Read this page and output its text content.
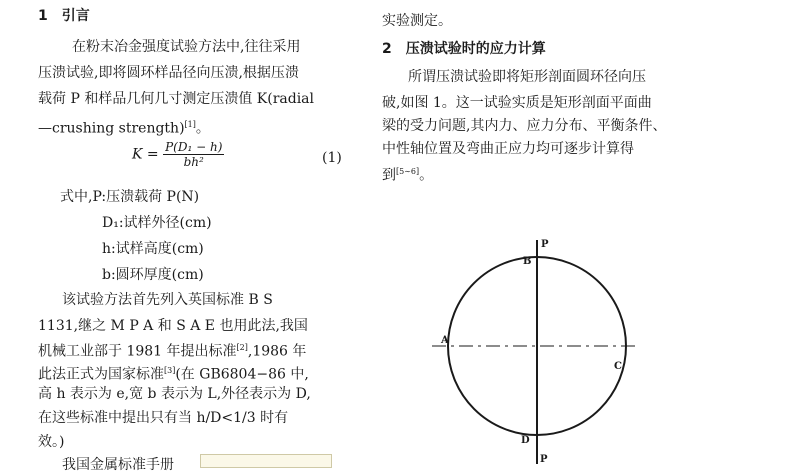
1　引言
在粉末冶金强度试验方法中,往往采用
压溃试验,即将圆环样品径向压溃,根据压溃
载荷 P 和样品几何几寸测定压溃值 K(radial
—crushing strength)[1]。
$K = \frac{\text{P(D₁ − h)}}{\text{bh²}}$	(1)
式中,P:压溃载荷 P(N)
D₁:试样外径(cm)
h:试样高度(cm)
b:圆环厚度(cm)
该试验方法首先列入英国标准 B S
1131,继之 M P A 和 S A E 也用此法,我国
机械工业部于 1981 年提出标准[2],1986 年
此法正式为国家标准[3](在 GB6804−86 中,
高 h 表示为 e,宽 b 表示为 L,外径表示为 D,
在这些标准中提出只有当 h/D<1/3 时有
效。)
我国金属标准手册
实验测定。
2　压溃试验时的应力计算
所谓压溃试验即将矩形剖面圆环径向压
破,如图 1。这一试验实质是矩形剖面平面曲
梁的受力问题,其内力、应力分布、平衡条件、
中性轴位置及弯曲正应力均可逐步计算得
到[5∼6]。
P
B
A
C
D
P
